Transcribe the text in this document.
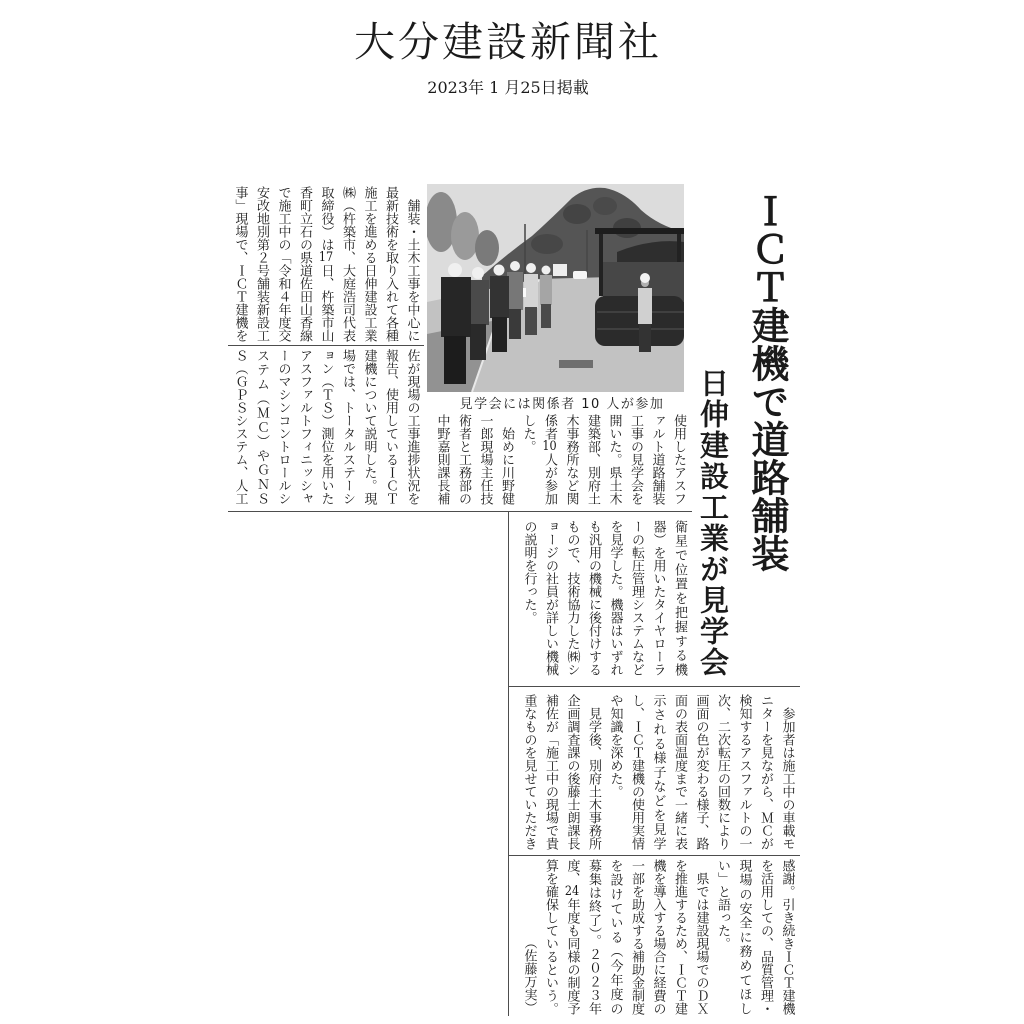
大分建設新聞社
2023年 1 月25日掲載
ＩＣＴ建機で道路舗装
日伸建設工業が見学会
見学会には関係者 10 人が参加
　舗装・土木工事を中心に
最新技術を取り入れて各種
施工を進める日伸建設工業
㈱（杵築市、大庭浩司代表
取締役）は17日、杵築市山
香町立石の県道佐田山香線
で施工中の「令和４年度交
安改地別第２号舗装新設工
事」現場で、ＩＣＴ建機を
佐が現場の工事進捗状況を
報告、使用しているＩＣＴ
建機について説明した。現
場では、トータルステーシ
ョン（ＴＳ）測位を用いた
アスファルトフィニッシャ
ーのマシンコントロールシ
ステム（ＭＣ）やＧＮＳ
Ｓ（ＧＰＳシステム、人工	使用したアスフ
ァルト道路舗装
工事の見学会を
開いた。県土木
建築部、別府土
木事務所など関
係者10人が参加
した。
　始めに川野健
一郎現場主任技
術者と工務部の
中野嘉則課長補
衛星で位置を把握する機
器）を用いたタイヤローラ
ーの転圧管理システムなど
を見学した。機器はいずれ
も汎用の機械に後付けする
もので、技術協力した㈱シ
ョージの社員が詳しい機械
の説明を行った。
　参加者は施工中の車載モ
ニターを見ながら、ＭＣが
検知するアスファルトの一
次、二次転圧の回数により
画面の色が変わる様子、路
面の表面温度まで一緒に表
示される様子などを見学
し、ＩＣＴ建機の使用実情
や知識を深めた。
　見学後、別府土木事務所
企画調査課の後藤士朗課長
補佐が「施工中の現場で貴
重なものを見せていただき
感謝。引き続きＩＣＴ建機
を活用しての、品質管理・
現場の安全に務めてほし
い」と語った。
　県では建設現場でのＤＸ
を推進するため、ＩＣＴ建
機を導入する場合に経費の
一部を助成する補助金制度
を設けている（今年度の
募集は終了）。２０２３年
度、24年度も同様の制度予
算を確保しているという。
（佐藤万実）
